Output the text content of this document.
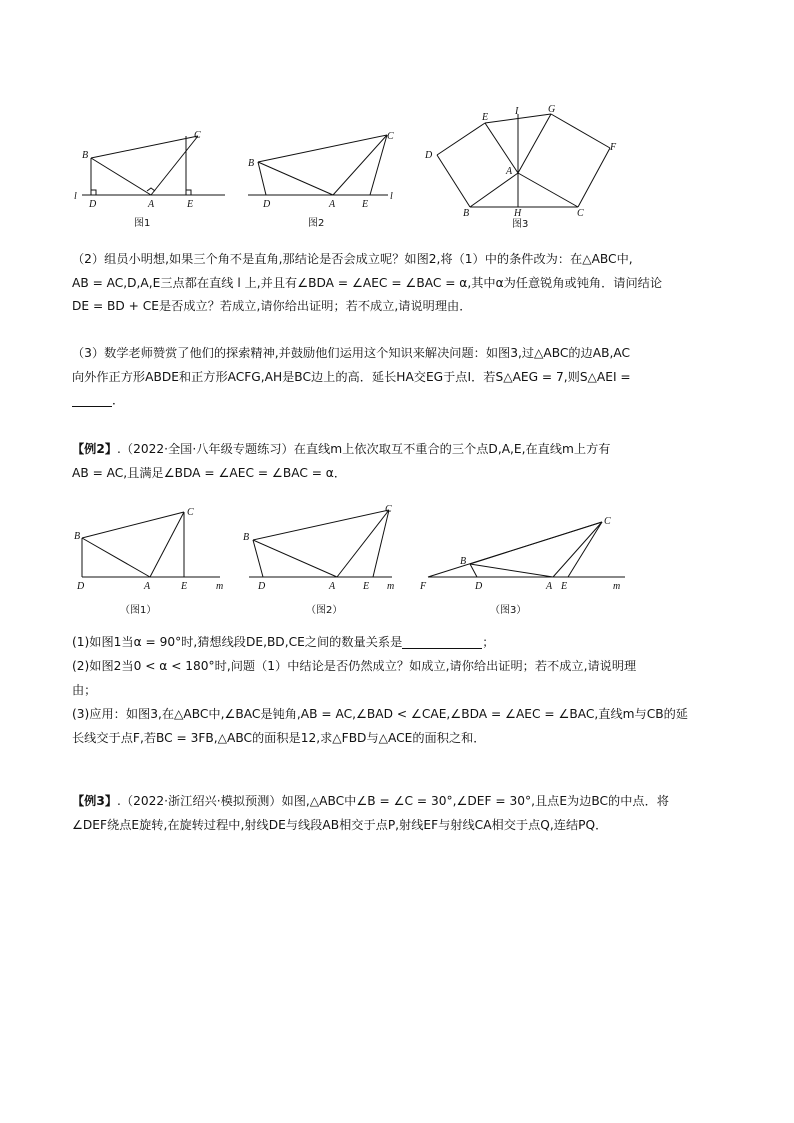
B
C
D	A	E
l
图1
B
C
D	A	E
l
图2
E
I	G
D
F
A
B	H	C
图3
（2）组员小明想,如果三个角不是直角,那结论是否会成立呢？如图2,将（1）中的条件改为：在△ABC中,
AB = AC,D,A,E三点都在直线 l 上,并且有∠BDA = ∠AEC = ∠BAC = α,其中α为任意锐角或钝角．请问结论
DE = BD + CE是否成立？若成立,请你给出证明；若不成立,请说明理由．
（3）数学老师赞赏了他们的探索精神,并鼓励他们运用这个知识来解决问题：如图3,过△ABC的边AB,AC
向外作正方形ABDE和正方形ACFG,AH是BC边上的高．延长HA交EG于点I．若S△AEG = 7,则S△AEI =
．
【例2】.（2022·全国·八年级专题练习）在直线m上依次取互不重合的三个点D,A,E,在直线m上方有
AB = AC,且满足∠BDA = ∠AEC = ∠BAC = α．
B
C
D	A	E	m
（图1）
B
C
D	A	E m
（图2）
B
C
F	D	A E	m
（图3）
(1)如图1当α = 90°时,猜想线段DE,BD,CE之间的数量关系是	；
(2)如图2当0 < α < 180°时,问题（1）中结论是否仍然成立？如成立,请你给出证明；若不成立,请说明理
由；
(3)应用：如图3,在△ABC中,∠BAC是钝角,AB = AC,∠BAD < ∠CAE,∠BDA = ∠AEC = ∠BAC,直线m与CB的延
长线交于点F,若BC = 3FB,△ABC的面积是12,求△FBD与△ACE的面积之和．
【例3】.（2022·浙江绍兴·模拟预测）如图,△ABC中∠B = ∠C = 30°,∠DEF = 30°,且点E为边BC的中点．将
∠DEF绕点E旋转,在旋转过程中,射线DE与线段AB相交于点P,射线EF与射线CA相交于点Q,连结PQ．
